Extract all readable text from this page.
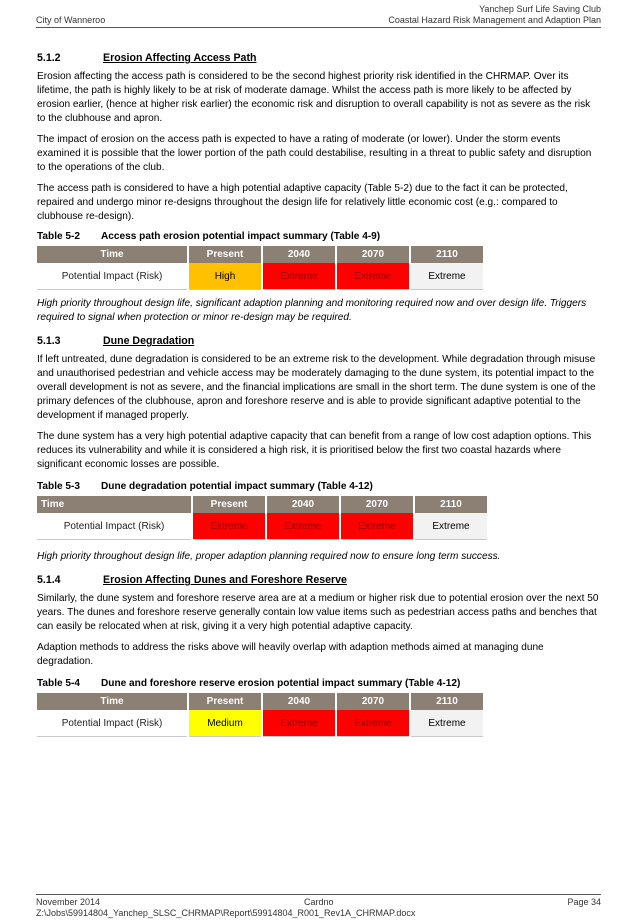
City of Wanneroo
Yanchep Surf Life Saving Club
Coastal Hazard Risk Management and Adaption Plan
5.1.2	Erosion Affecting Access Path

Erosion affecting the access path is considered to be the second highest priority risk identified in the CHRMAP. Over its lifetime, the path is highly likely to be at risk of moderate damage. Whilst the access path is more likely to be affected by erosion earlier, (hence at higher risk earlier) the economic risk and disruption to overall capability is not as severe as the risk to the clubhouse and apron.

The impact of erosion on the access path is expected to have a rating of moderate (or lower). Under the storm events examined it is possible that the lower portion of the path could destabilise, resulting in a threat to public safety and disruption to the operations of the club.

The access path is considered to have a high potential adaptive capacity (Table 5-2) due to the fact it can be protected, repaired and undergo minor re-designs throughout the design life for relatively little economic cost (e.g.: compared to clubhouse re-design).

Table 5-2	Access path erosion potential impact summary (Table 4-9)
Time	Present	2040	2070	2110
Potential Impact (Risk)	High	Extreme	Extreme	Extreme

High priority throughout design life, significant adaption planning and monitoring required now and over design life. Triggers required to signal when protection or minor re-design may be required.

5.1.3	Dune Degradation

If left untreated, dune degradation is considered to be an extreme risk to the development. While degradation through misuse and unauthorised pedestrian and vehicle access may be moderately damaging to the dune system, its potential impact to the overall development is not as severe, and the financial implications are small in the short term. The dune system is one of the primary defences of the clubhouse, apron and foreshore reserve and is able to provide significant adaptive potential to the development if managed properly.

The dune system has a very high potential adaptive capacity that can benefit from a range of low cost adaption options. This reduces its vulnerability and while it is considered a high risk, it is prioritised below the first two coastal hazards where significant economic losses are possible.

Table 5-3	Dune degradation potential impact summary (Table 4-12)
Time	Present	2040	2070	2110
Potential Impact (Risk)	Extreme	Extreme	Extreme	Extreme

High priority throughout design life, proper adaption planning required now to ensure long term success.

5.1.4	Erosion Affecting Dunes and Foreshore Reserve

Similarly, the dune system and foreshore reserve area are at a medium or higher risk due to potential erosion over the next 50 years. The dunes and foreshore reserve generally contain low value items such as pedestrian access paths and benches that can easily be relocated when at risk, giving it a very high potential adaptive capacity.

Adaption methods to address the risks above will heavily overlap with adaption methods aimed at managing dune degradation.

Table 5-4	Dune and foreshore reserve erosion potential impact summary (Table 4-12)
Time	Present	2040	2070	2110
Potential Impact (Risk)	Medium	Extreme	Extreme	Extreme
November 2014
Z:\Jobs\59914804_Yanchep_SLSC_CHRMAP\Report\59914804_R001_Rev1A_CHRMAP.docx
Cardno	Page 34
